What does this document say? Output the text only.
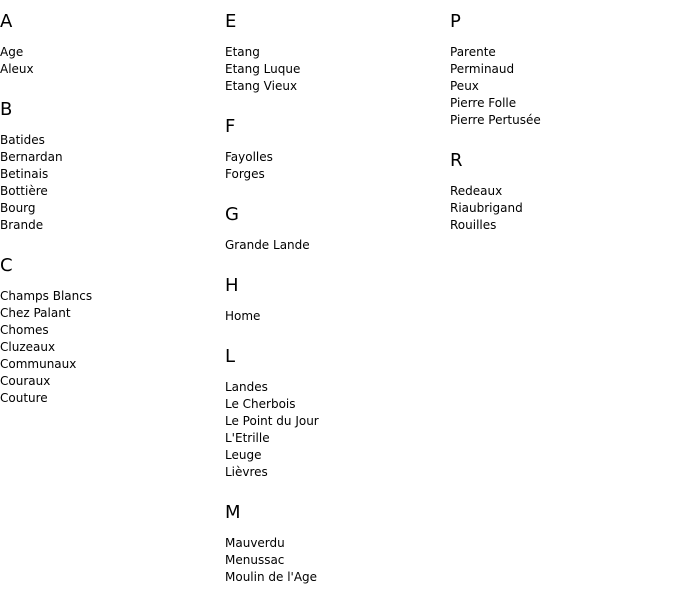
A
Age
Aleux
B
Batides
Bernardan
Betinais
Bottière
Bourg
Brande
C
Champs Blancs
Chez Palant
Chomes
Cluzeaux
Communaux
Couraux
Couture
E
Etang
Etang Luque
Etang Vieux
F
Fayolles
Forges
G
Grande Lande
H
Home
L
Landes
Le Cherbois
Le Point du Jour
L'Etrille
Leuge
Lièvres
M
Mauverdu
Menussac
Moulin de l'Age
P
Parente
Perminaud
Peux
Pierre Folle
Pierre Pertusée
R
Redeaux
Riaubrigand
Rouilles
